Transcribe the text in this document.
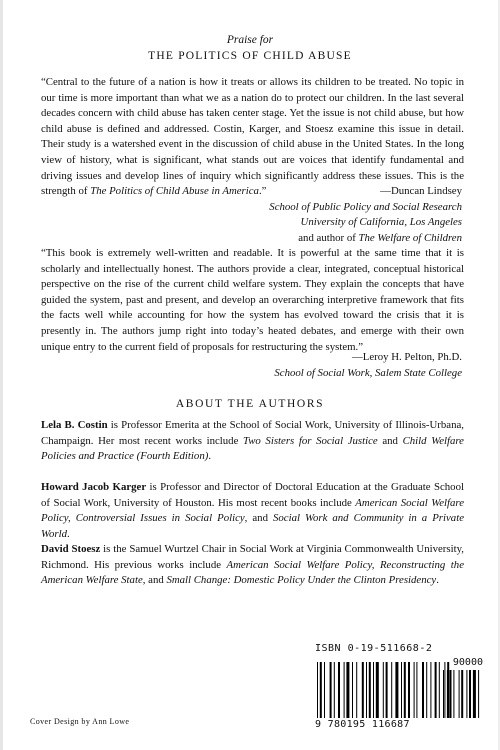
Praise for
THE POLITICS OF CHILD ABUSE

“Central to the future of a nation is how it treats or allows its children to be treated. No topic in our time is more important than what we as a nation do to protect our children. In the last several decades concern with child abuse has taken center stage. Yet the issue is not child abuse, but how child abuse is defined and addressed. Costin, Karger, and Stoesz examine this issue in detail. Their study is a watershed event in the discussion of child abuse in the United States. In the long view of history, what is significant, what stands out are voices that identify fundamental and driving issues and develop lines of inquiry which significantly address these issues. This is the strength of The Politics of Child Abuse in America.”	—Duncan Lindsey
School of Public Policy and Social Research
University of California, Los Angeles
and author of The Welfare of Children

“This book is extremely well-written and readable. It is powerful at the same time that it is scholarly and intellectually honest. The authors provide a clear, integrated, conceptual historical perspective on the rise of the current child welfare system. They explain the concepts that have guided the system, past and present, and develop an overarching interpretive framework that fits the facts well while accounting for how the system has evolved toward the crisis that it is presently in. The authors jump right into today’s heated debates, and emerge with their own unique entry to the current field of proposals for restructuring the system.”

—Leroy H. Pelton, Ph.D.
School of Social Work, Salem State College
ABOUT THE AUTHORS

Lela B. Costin is Professor Emerita at the School of Social Work, University of Illinois-Urbana, Champaign. Her most recent works include Two Sisters for Social Justice and Child Welfare Policies and Practice (Fourth Edition).

Howard Jacob Karger is Professor and Director of Doctoral Education at the Graduate School of Social Work, University of Houston. His most recent books include American Social Welfare Policy, Controversial Issues in Social Policy, and Social Work and Community in a Private World.

David Stoesz is the Samuel Wurtzel Chair in Social Work at Virginia Commonwealth University, Richmond. His previous works include American Social Welfare Policy, Reconstructing the American Welfare State, and Small Change: Domestic Policy Under the Clinton Presidency.

Cover Design by Ann Lowe
ISBN 0-19-511668-2
90000
9 780195 116687
